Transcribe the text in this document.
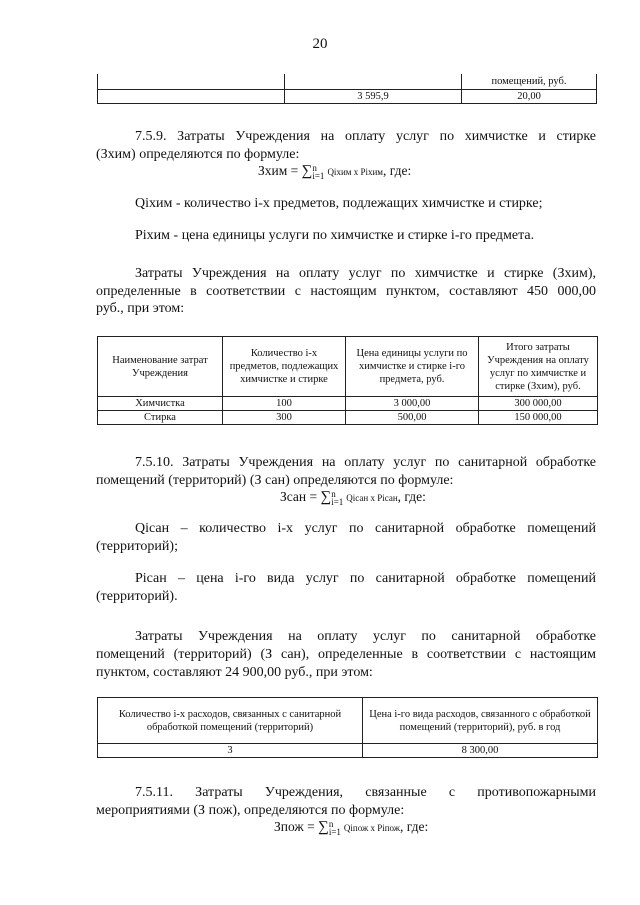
20
		помещений, руб.
	3 595,9	20,00
7.5.9. Затраты Учреждения на оплату услуг по химчистке и стирке
(Зхим) определяются по формуле:
Зхим = ∑ n
i=1 Qiхим x Piхим, где:
Qiхим - количество i-х предметов, подлежащих химчистке и стирке;
Piхим - цена единицы услуги по химчистке и стирке i-го предмета.
Затраты Учреждения на оплату услуг по химчистке и стирке (Зхим),
определенные в соответствии с настоящим пунктом, составляют 450 000,00
руб., при этом:
Наименование затрат Учреждения	Количество i-х предметов, подлежащих химчистке и стирке	Цена единицы услуги по химчистке и стирке i-го предмета, руб.	Итого затраты Учреждения на оплату услуг по химчистке и стирке (Зхим), руб.
Химчистка	100	3 000,00	300 000,00
Стирка	300	500,00	150 000,00
7.5.10. Затраты Учреждения на оплату услуг по санитарной обработке
помещений (территорий) (З сан) определяются по формуле:
Зсан = ∑ n
i=1 Qiсан x Piсан, где:
Qiсан – количество i-х услуг по санитарной обработке помещений
(территорий);
Piсан – цена i-го вида услуг по санитарной обработке помещений
(территорий).
Затраты Учреждения на оплату услуг по санитарной обработке
помещений (территорий) (З сан), определенные в соответствии с настоящим
пунктом, составляют 24 900,00 руб., при этом:
Количество i-х расходов, связанных с санитарной обработкой помещений (территорий)	Цена i-го вида расходов, связанного с обработкой помещений (территорий), руб. в год
3	8 300,00
7.5.11. Затраты Учреждения, связанные с противопожарными
мероприятиями (З пож), определяются по формуле:
Зпож = ∑ n
i=1 Qiпож x Piпож, где:
